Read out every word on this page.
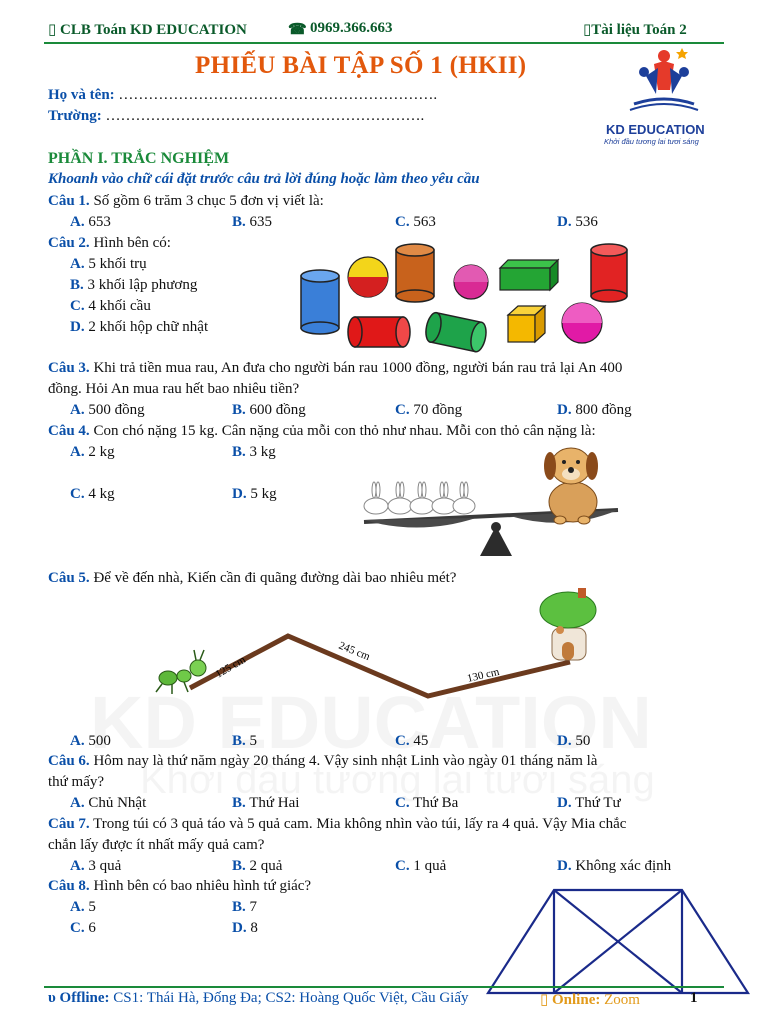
▯ CLB Toán KD EDUCATION	☎ 0969.366.663	▯Tài liệu Toán 2
PHIẾU BÀI TẬP SỐ 1 (HKII)
Họ và tên: ……………………………………………………….
Trường: ……………………………………………………….
KD EDUCATION
Khởi đầu tương lai tươi sáng
PHẦN I. TRẮC NGHIỆM
Khoanh vào chữ cái đặt trước câu trả lời đúng hoặc làm theo yêu cầu
Câu 1. Số gồm 6 trăm 3 chục 5 đơn vị viết là:
A. 653	B. 635	C. 563	D. 536
Câu 2. Hình bên có:
A. 5 khối trụ
B. 3 khối lập phương
C. 4 khối cầu
D. 2 khối hộp chữ nhật
Câu 3. Khi trả tiền mua rau, An đưa cho người bán rau 1000 đồng, người bán rau trả lại An 400
đồng. Hỏi An mua rau hết bao nhiêu tiền?
A. 500 đồng	B. 600 đồng	C. 70 đồng	D. 800 đồng
Câu 4. Con chó nặng 15 kg. Cân nặng của mỗi con thỏ như nhau. Mỗi con thỏ cân nặng là:
A. 2 kg	B. 3 kg
C. 4 kg	D. 5 kg
Câu 5. Để về đến nhà, Kiến cần đi quãng đường dài bao nhiêu mét?
125 cm
245 cm
130 cm
A. 500	B. 5	C. 45	D. 50
Câu 6. Hôm nay là thứ năm ngày 20 tháng 4. Vậy sinh nhật Linh vào ngày 01 tháng năm là
thứ mấy?
A. Chủ Nhật	B. Thứ Hai	C. Thứ Ba	D. Thứ Tư
Câu 7. Trong túi có 3 quả táo và 5 quả cam. Mia không nhìn vào túi, lấy ra 4 quả. Vậy Mia chắc
chắn lấy được ít nhất mấy quả cam?
A. 3 quả	B. 2 quả	C. 1 quả	D. Không xác định
Câu 8. Hình bên có bao nhiêu hình tứ giác?
A. 5	B. 7
C. 6	D. 8
υ Offline: CS1: Thái Hà, Đống Đa; CS2: Hoàng Quốc Việt, Cầu Giấy	▯ Online: Zoom	1
